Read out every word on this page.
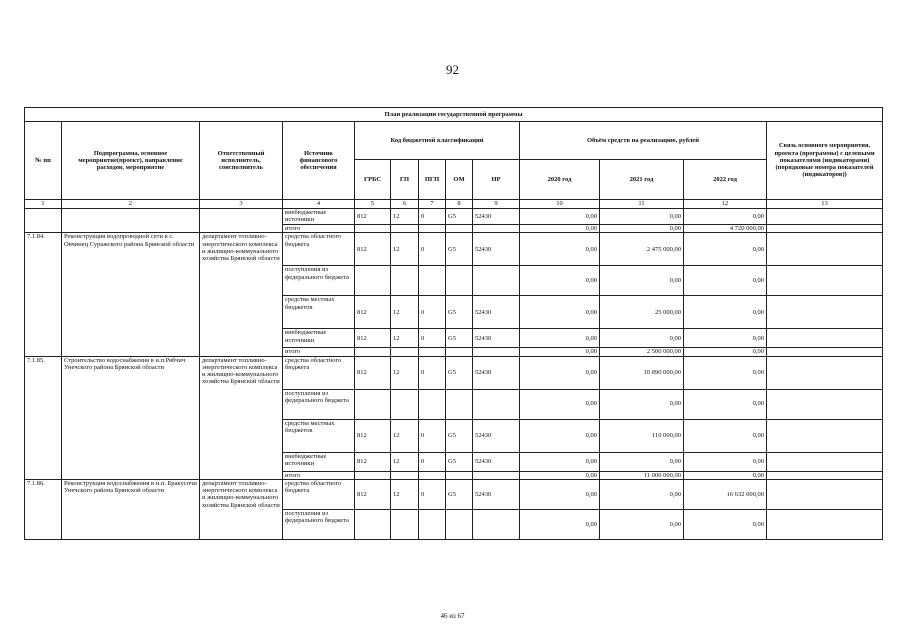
92
План реализации государственной программы												
№ пп	Подпрограмма, основное мероприятие(проект), направление расходов, мероприятие	Ответственный исполнитель, соисполнитель	Источник финансового обеспечения	Код бюджетной классификации					Объём средств на реализацию, рублей			Связь основного мероприятия, проекта (программы) с целевыми показателями (индикаторами) (порядковые номера показателей (индикаторов))
				ГРБС	ГП	ПГП	ОМ	НР	2020 год	2021 год	2022 год	
1	2	3	4	5	6	7	8	9	10	11	12	13
			внебюджетные источники	812	12	0	G5	52430	0,00	0,00	0,00	
			итого						0,00	0,00	4 720 000,00	
7.1.84.	Реконструкция водопроводной сети в с. Овчинец Суражского района Брянской области	департамент топливно-энергетического комплекса и жилищно-коммунального хозяйства Брянской области	средства областного бюджета	812	12	0	G5	52430	0,00	2 475 000,00	0,00	
			поступления из федерального бюджета						0,00	0,00	0,00	
			средства местных бюджетов	812	12	0	G5	52430	0,00	25 000,00	0,00	
			внебюджетные источники	812	12	0	G5	52430	0,00	0,00	0,00	
			итого						0,00	2 500 000,00	0,00	
7.1.85.	Строительство водоснабжения в н.п.Рябчич Унечского района Брянской области	департамент топливно-энергетического комплекса и жилищно-коммунального хозяйства Брянской области	средства областного бюджета	812	12	0	G5	52430	0,00	10 890 000,00	0,00	
			поступления из федерального бюджета						0,00	0,00	0,00	
			средства местных бюджетов	812	12	0	G5	52430	0,00	110 000,00	0,00	
			внебюджетные источники	812	12	0	G5	52430	0,00	0,00	0,00	
			итого						0,00	11 000 000,00	0,00	
7.1.86.	Реконструкция водоснабжения в н.п. Бракуспчи Унечского района Брянской области	департамент топливно-энергетического комплекса и жилищно-коммунального хозяйства Брянской области	средства областного бюджета	812	12	0	G5	52430	0,00	0,00	16 632 000,00	
			поступления из федерального бюджета						0,00	0,00	0,00	
46 из 67
